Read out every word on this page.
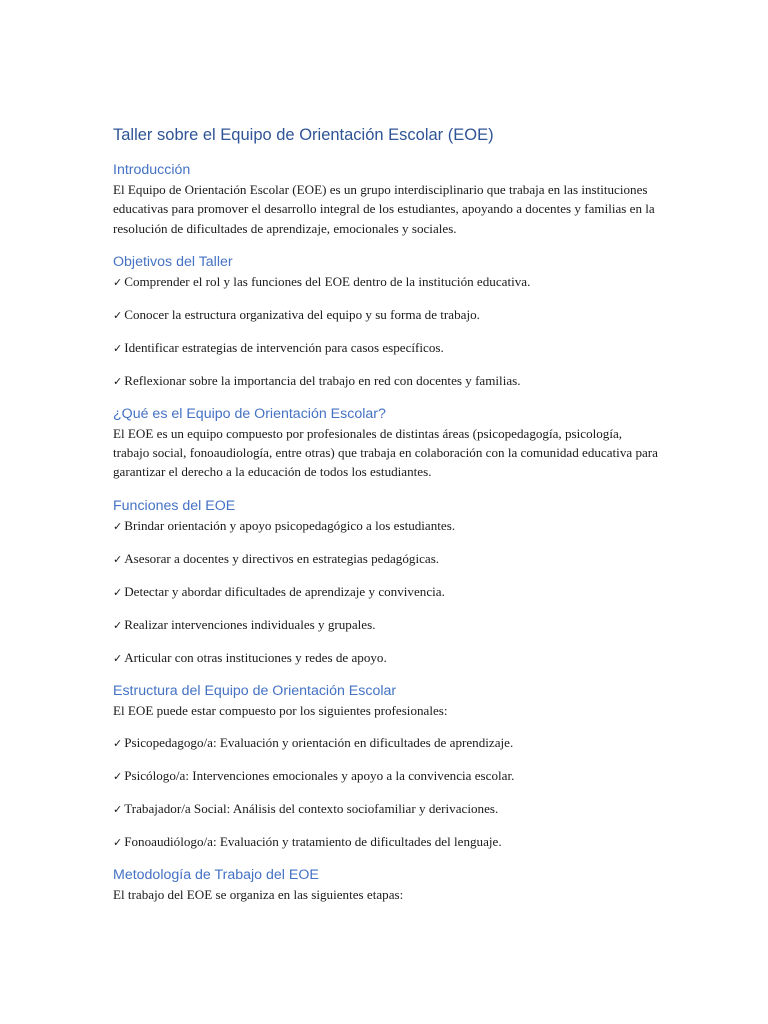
Taller sobre el Equipo de Orientación Escolar (EOE)
Introducción

El Equipo de Orientación Escolar (EOE) es un grupo interdisciplinario que trabaja en las instituciones educativas para promover el desarrollo integral de los estudiantes, apoyando a docentes y familias en la resolución de dificultades de aprendizaje, emocionales y sociales.

Objetivos del Taller
✓ Comprender el rol y las funciones del EOE dentro de la institución educativa.
✓ Conocer la estructura organizativa del equipo y su forma de trabajo.
✓ Identificar estrategias de intervención para casos específicos.
✓ Reflexionar sobre la importancia del trabajo en red con docentes y familias.
¿Qué es el Equipo de Orientación Escolar?

El EOE es un equipo compuesto por profesionales de distintas áreas (psicopedagogía, psicología, trabajo social, fonoaudiología, entre otras) que trabaja en colaboración con la comunidad educativa para garantizar el derecho a la educación de todos los estudiantes.

Funciones del EOE
✓ Brindar orientación y apoyo psicopedagógico a los estudiantes.
✓ Asesorar a docentes y directivos en estrategias pedagógicas.
✓ Detectar y abordar dificultades de aprendizaje y convivencia.
✓ Realizar intervenciones individuales y grupales.
✓ Articular con otras instituciones y redes de apoyo.
Estructura del Equipo de Orientación Escolar
El EOE puede estar compuesto por los siguientes profesionales:
✓ Psicopedagogo/a: Evaluación y orientación en dificultades de aprendizaje.
✓ Psicólogo/a: Intervenciones emocionales y apoyo a la convivencia escolar.
✓ Trabajador/a Social: Análisis del contexto sociofamiliar y derivaciones.
✓ Fonoaudiólogo/a: Evaluación y tratamiento de dificultades del lenguaje.
Metodología de Trabajo del EOE
El trabajo del EOE se organiza en las siguientes etapas:
